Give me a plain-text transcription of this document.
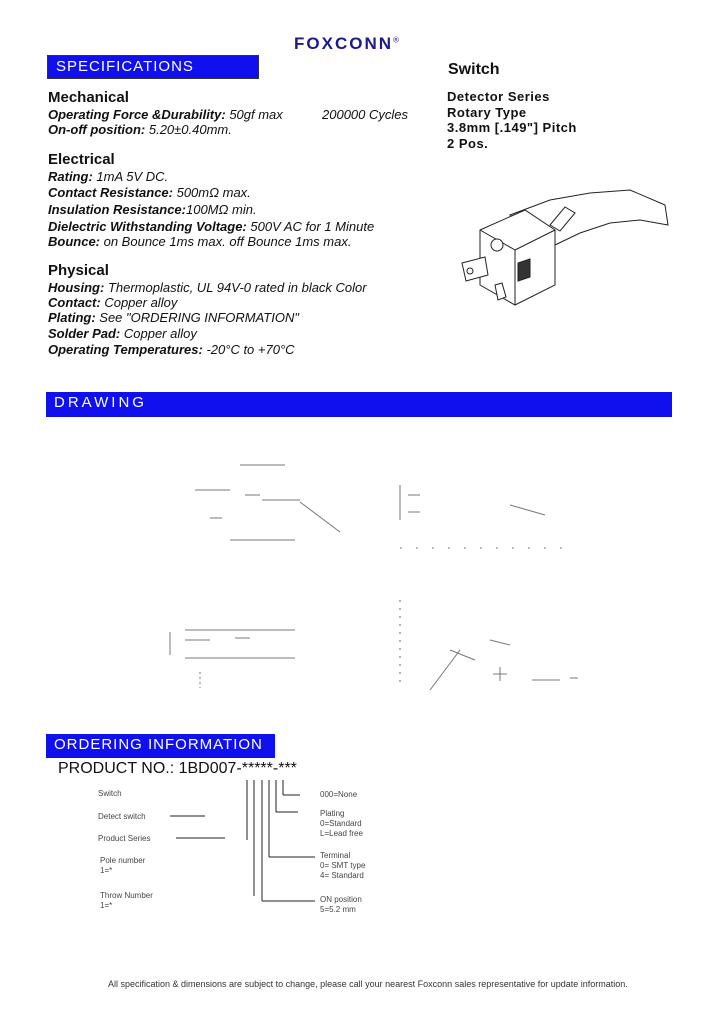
FOXCONN®
SPECIFICATIONS
DRAWING
ORDERING INFORMATION
Switch
Detector Series
Rotary Type
3.8mm [.149"] Pitch
2 Pos.
Mechanical
Operating Force &Durability: 50gf max	200000 Cycles
On-off position: 5.20±0.40mm.
Electrical
Rating: 1mA 5V DC.
Contact Resistance: 500mΩ max.
Insulation Resistance:100MΩ min.
Dielectric Withstanding Voltage: 500V AC for 1 Minute
Bounce: on Bounce 1ms max. off Bounce 1ms max.
Physical
Housing: Thermoplastic, UL 94V-0 rated in black Color
Contact: Copper alloy
Plating: See "ORDERING INFORMATION"
Solder Pad: Copper alloy
Operating Temperatures: -20°C to +70°C
PRODUCT NO.: 1BD007-*****-***
Switch
Detect switch
Product Series
Pole number
1=*
Throw Number
1=*
000=None
Plating
0=Standard
L=Lead free
Terminal
0= SMT type
4= Standard
ON position
5=5.2 mm
All specification & dimensions are subject to change, please call your nearest Foxconn sales representative for update information.
